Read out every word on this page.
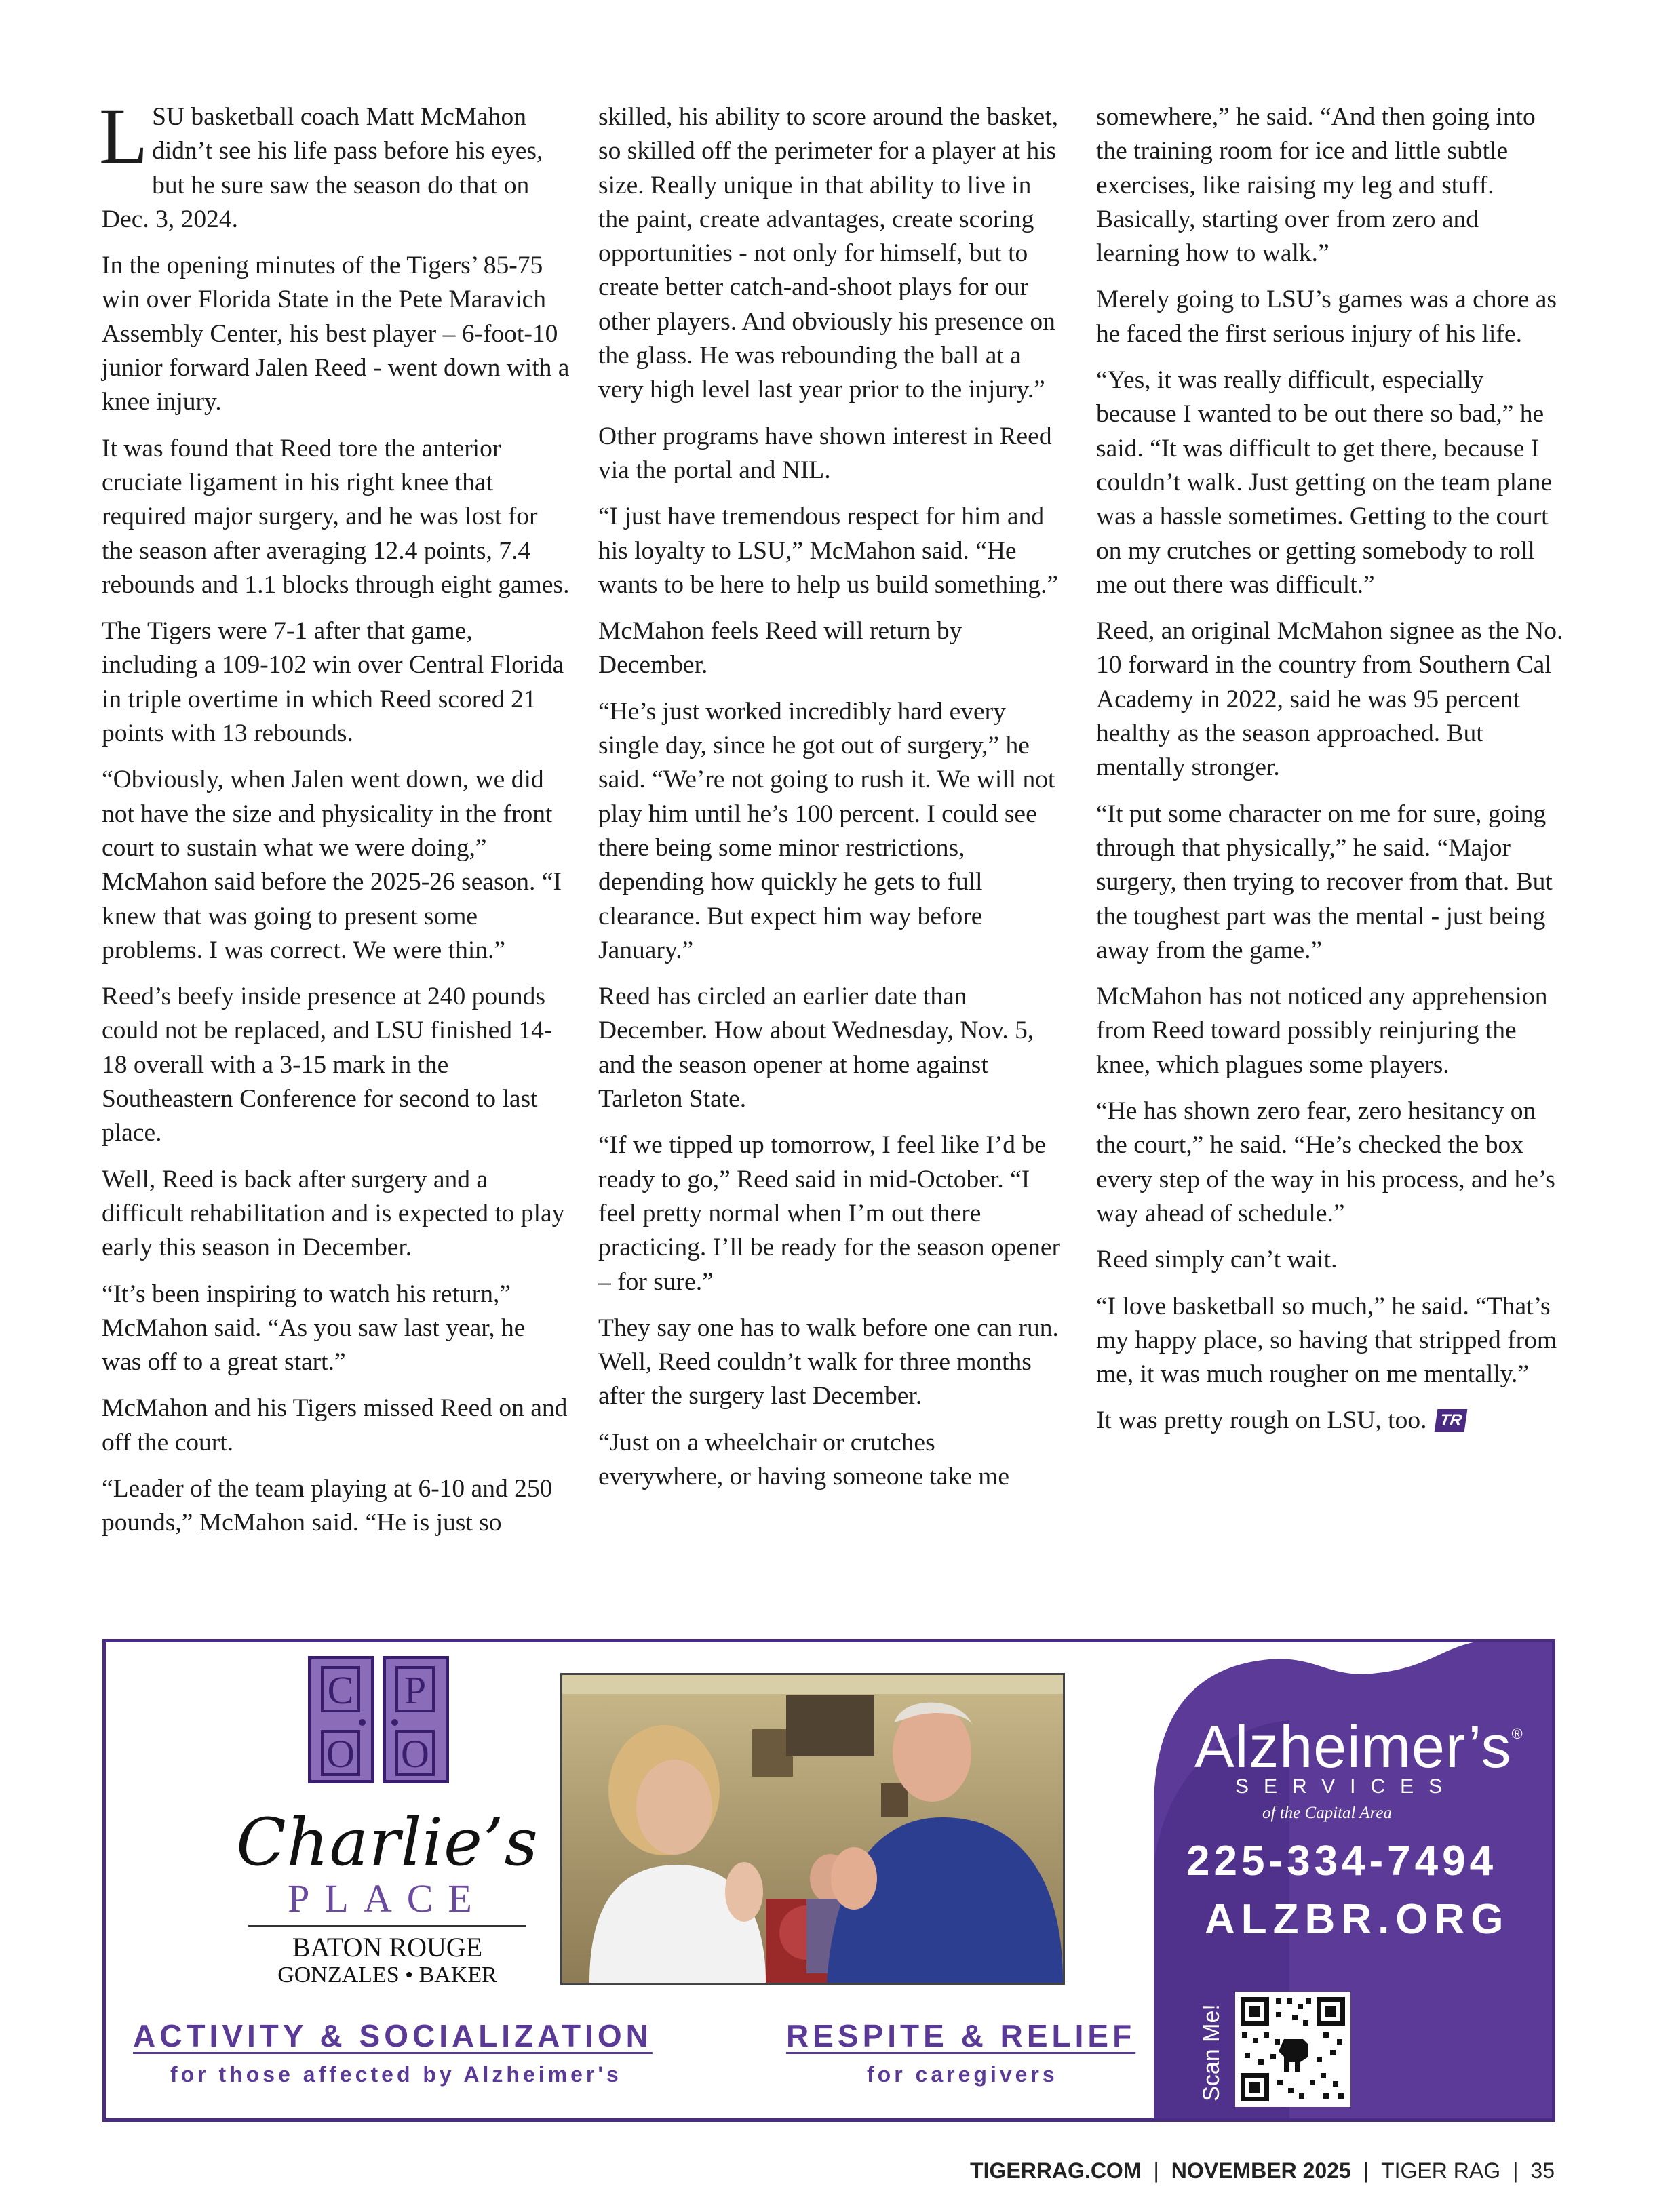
LSU basketball coach Matt McMahon didn’t see his life pass before his eyes, but he sure saw the season do that on Dec. 3, 2024.

In the opening minutes of the Tigers’ 85-75 win over Florida State in the Pete Maravich Assembly Center, his best player – 6-foot-10 junior forward Jalen Reed - went down with a knee injury.

It was found that Reed tore the anterior cruciate ligament in his right knee that required major surgery, and he was lost for the season after averaging 12.4 points, 7.4 rebounds and 1.1 blocks through eight games.

The Tigers were 7-1 after that game, including a 109-102 win over Central Florida in triple overtime in which Reed scored 21 points with 13 rebounds.

“Obviously, when Jalen went down, we did not have the size and physicality in the front court to sustain what we were doing,” McMahon said before the 2025-26 season. “I knew that was going to present some problems. I was correct. We were thin.”

Reed’s beefy inside presence at 240 pounds could not be replaced, and LSU finished 14-18 overall with a 3-15 mark in the Southeastern Conference for second to last place.

Well, Reed is back after surgery and a difficult rehabilitation and is expected to play early this season in December.

“It’s been inspiring to watch his return,” McMahon said. “As you saw last year, he was off to a great start.”

McMahon and his Tigers missed Reed on and off the court.

“Leader of the team playing at 6-10 and 250 pounds,” McMahon said. “He is just so

skilled, his ability to score around the basket, so skilled off the perimeter for a player at his size. Really unique in that ability to live in the paint, create advantages, create scoring opportunities - not only for himself, but to create better catch-and-shoot plays for our other players. And obviously his presence on the glass. He was rebounding the ball at a very high level last year prior to the injury.”

Other programs have shown interest in Reed via the portal and NIL.

“I just have tremendous respect for him and his loyalty to LSU,” McMahon said. “He wants to be here to help us build something.”

McMahon feels Reed will return by December.

“He’s just worked incredibly hard every single day, since he got out of surgery,” he said. “We’re not going to rush it. We will not play him until he’s 100 percent. I could see there being some minor restrictions, depending how quickly he gets to full clearance. But expect him way before January.”

Reed has circled an earlier date than December. How about Wednesday, Nov. 5, and the season opener at home against Tarleton State.

“If we tipped up tomorrow, I feel like I’d be ready to go,” Reed said in mid-October. “I feel pretty normal when I’m out there practicing. I’ll be ready for the season opener – for sure.”

They say one has to walk before one can run. Well, Reed couldn’t walk for three months after the surgery last December.

“Just on a wheelchair or crutches everywhere, or having someone take me

somewhere,” he said. “And then going into the training room for ice and little subtle exercises, like raising my leg and stuff. Basically, starting over from zero and learning how to walk.”

Merely going to LSU’s games was a chore as he faced the first serious injury of his life.

“Yes, it was really difficult, especially because I wanted to be out there so bad,” he said. “It was difficult to get there, because I couldn’t walk. Just getting on the team plane was a hassle sometimes. Getting to the court on my crutches or getting somebody to roll me out there was difficult.”

Reed, an original McMahon signee as the No. 10 forward in the country from Southern Cal Academy in 2022, said he was 95 percent healthy as the season approached. But mentally stronger.

“It put some character on me for sure, going through that physically,” he said. “Major surgery, then trying to recover from that. But the toughest part was the mental - just being away from the game.”

McMahon has not noticed any apprehension from Reed toward possibly reinjuring the knee, which plagues some players.

“He has shown zero fear, zero hesitancy on the court,” he said. “He’s checked the box every step of the way in his process, and he’s way ahead of schedule.”

Reed simply can’t wait.

“I love basketball so much,” he said. “That’s my happy place, so having that stripped from me, it was much rougher on me mentally.”

It was pretty rough on LSU, too. TR

C
O
P
O
Charlie’s
PLACE
BATON ROUGE
GONZALES • BAKER
Alzheimer’s®
SERVICES
of the Capital Area
225-334-7494
ALZBR.ORG
Scan Me!
ACTIVITY & SOCIALIZATION
for those affected by Alzheimer's
RESPITE & RELIEF
for caregivers
TIGERRAG.COM | NOVEMBER 2025 | TIGER RAG | 35
